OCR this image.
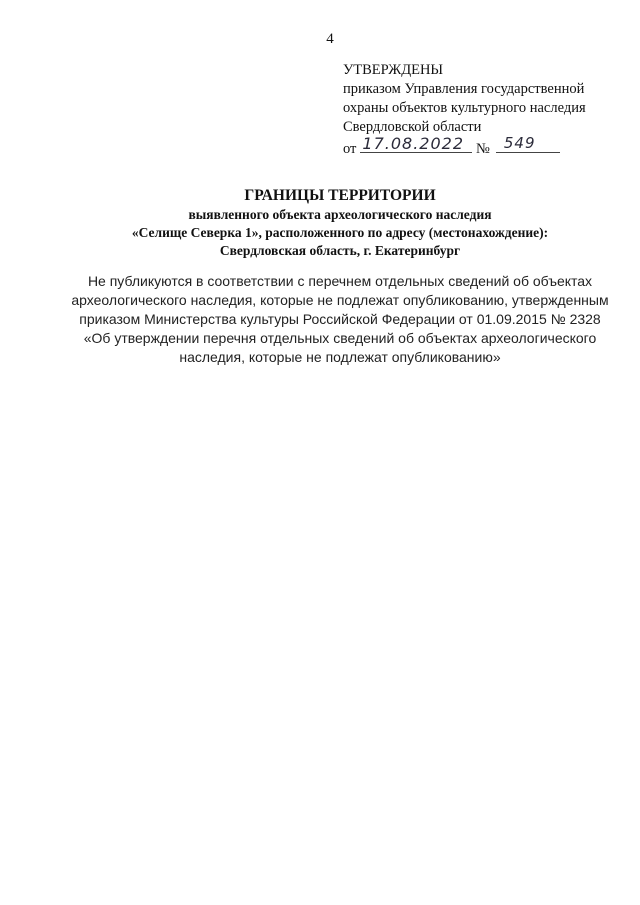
4
УТВЕРЖДЕНЫ
приказом Управления государственной
охраны объектов культурного наследия
Свердловской области
от 17.08.2022 № 549
ГРАНИЦЫ ТЕРРИТОРИИ
выявленного объекта археологического наследия
«Селище Северка 1», расположенного по адресу (местонахождение):
Свердловская область, г. Екатеринбург
Не публикуются в соответствии с перечнем отдельных сведений об объектах
археологического наследия, которые не подлежат опубликованию, утвержденным
приказом Министерства культуры Российской Федерации от 01.09.2015 № 2328
«Об утверждении перечня отдельных сведений об объектах археологического
наследия, которые не подлежат опубликованию»
